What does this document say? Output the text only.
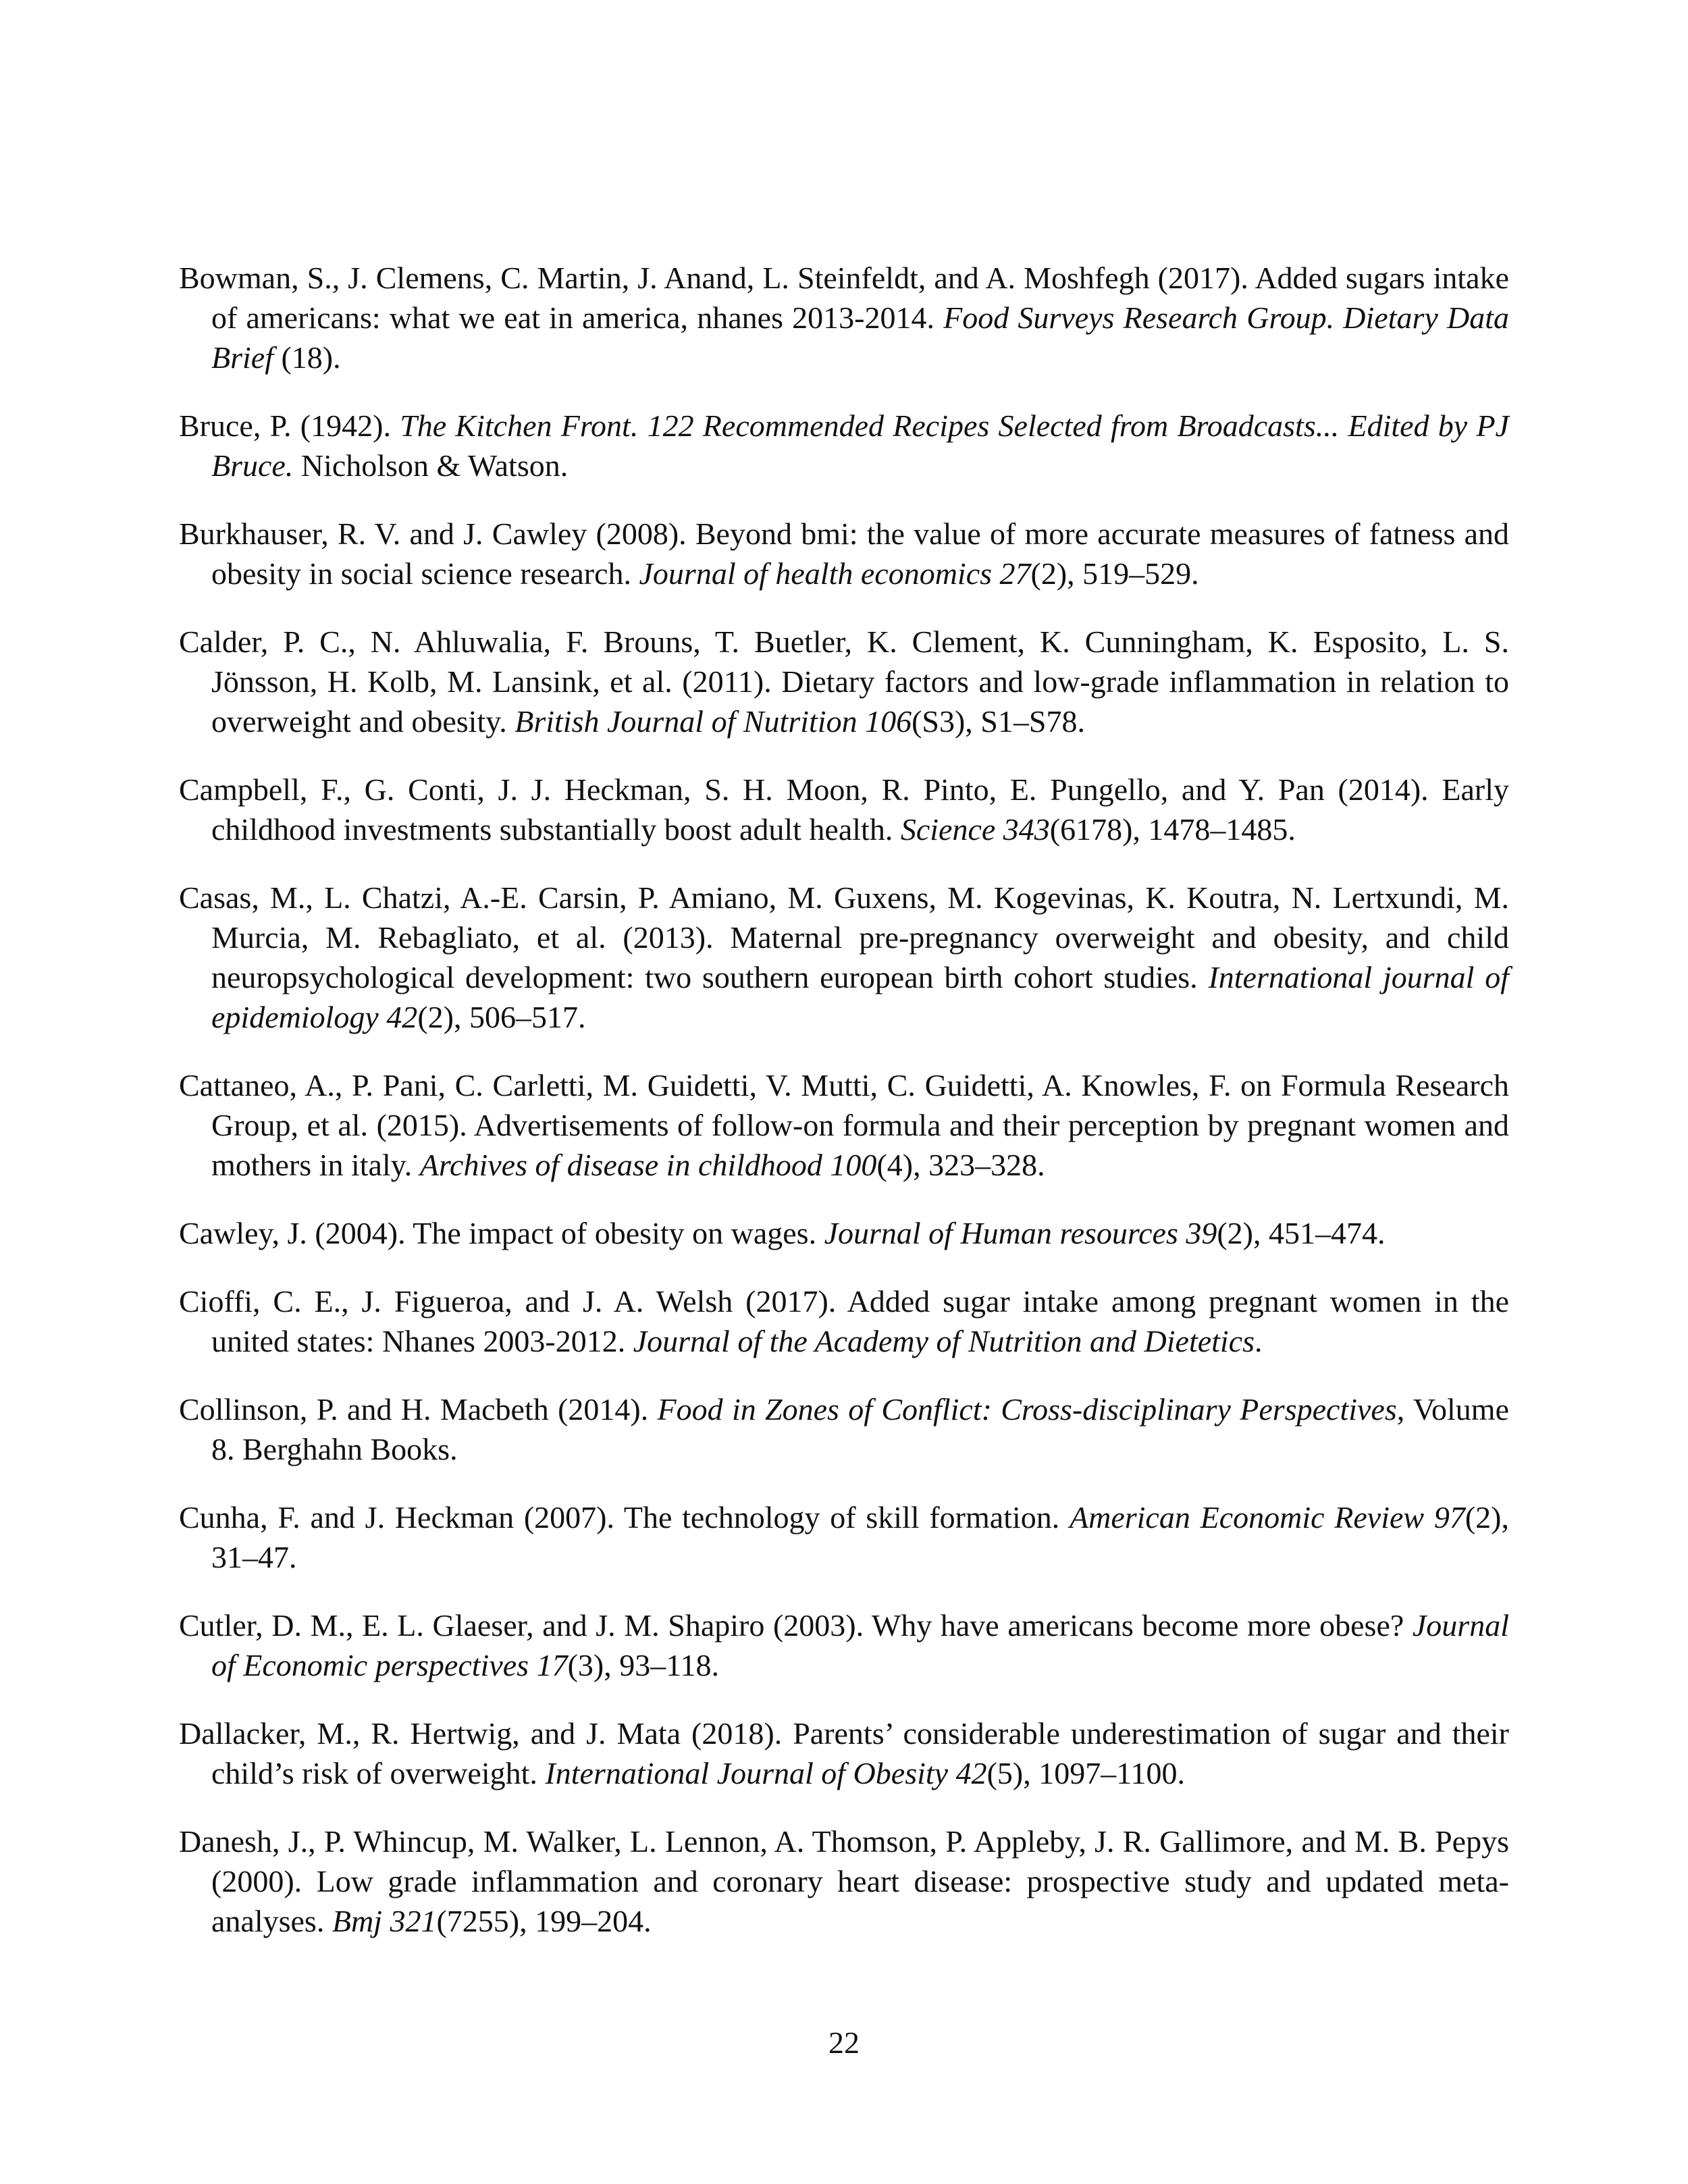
Bowman, S., J. Clemens, C. Martin, J. Anand, L. Steinfeldt, and A. Moshfegh (2017). Added sugars intake of americans: what we eat in america, nhanes 2013-2014. Food Surveys Research Group. Dietary Data Brief (18).

Bruce, P. (1942). The Kitchen Front. 122 Recommended Recipes Selected from Broadcasts... Edited by PJ Bruce. Nicholson & Watson.

Burkhauser, R. V. and J. Cawley (2008). Beyond bmi: the value of more accurate measures of fatness and obesity in social science research. Journal of health economics 27(2), 519–529.

Calder, P. C., N. Ahluwalia, F. Brouns, T. Buetler, K. Clement, K. Cunningham, K. Esposito, L. S. Jönsson, H. Kolb, M. Lansink, et al. (2011). Dietary factors and low-grade inflammation in relation to overweight and obesity. British Journal of Nutrition 106(S3), S1–S78.

Campbell, F., G. Conti, J. J. Heckman, S. H. Moon, R. Pinto, E. Pungello, and Y. Pan (2014). Early childhood investments substantially boost adult health. Science 343(6178), 1478–1485.

Casas, M., L. Chatzi, A.-E. Carsin, P. Amiano, M. Guxens, M. Kogevinas, K. Koutra, N. Lertxundi, M. Murcia, M. Rebagliato, et al. (2013). Maternal pre-pregnancy overweight and obesity, and child neuropsychological development: two southern european birth cohort studies. International journal of epidemiology 42(2), 506–517.

Cattaneo, A., P. Pani, C. Carletti, M. Guidetti, V. Mutti, C. Guidetti, A. Knowles, F. on Formula Research Group, et al. (2015). Advertisements of follow-on formula and their perception by pregnant women and mothers in italy. Archives of disease in childhood 100(4), 323–328.

Cawley, J. (2004). The impact of obesity on wages. Journal of Human resources 39(2), 451–474.

Cioffi, C. E., J. Figueroa, and J. A. Welsh (2017). Added sugar intake among pregnant women in the united states: Nhanes 2003-2012. Journal of the Academy of Nutrition and Dietetics.

Collinson, P. and H. Macbeth (2014). Food in Zones of Conflict: Cross-disciplinary Perspectives, Volume 8. Berghahn Books.

Cunha, F. and J. Heckman (2007). The technology of skill formation. American Economic Review 97(2), 31–47.

Cutler, D. M., E. L. Glaeser, and J. M. Shapiro (2003). Why have americans become more obese? Journal of Economic perspectives 17(3), 93–118.

Dallacker, M., R. Hertwig, and J. Mata (2018). Parents’ considerable underestimation of sugar and their child’s risk of overweight. International Journal of Obesity 42(5), 1097–1100.

Danesh, J., P. Whincup, M. Walker, L. Lennon, A. Thomson, P. Appleby, J. R. Gallimore, and M. B. Pepys (2000). Low grade inflammation and coronary heart disease: prospective study and updated meta-analyses. Bmj 321(7255), 199–204.

22
